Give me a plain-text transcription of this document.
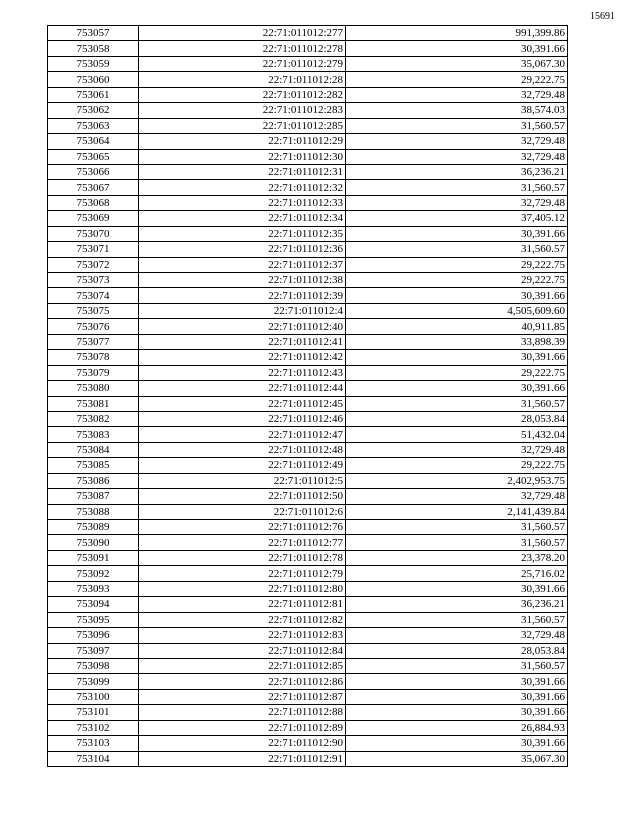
15691
753057	22:71:011012:277	991,399.86
753058	22:71:011012:278	30,391.66
753059	22:71:011012:279	35,067.30
753060	22:71:011012:28	29,222.75
753061	22:71:011012:282	32,729.48
753062	22:71:011012:283	38,574.03
753063	22:71:011012:285	31,560.57
753064	22:71:011012:29	32,729.48
753065	22:71:011012:30	32,729.48
753066	22:71:011012:31	36,236.21
753067	22:71:011012:32	31,560.57
753068	22:71:011012:33	32,729.48
753069	22:71:011012:34	37,405.12
753070	22:71:011012:35	30,391.66
753071	22:71:011012:36	31,560.57
753072	22:71:011012:37	29,222.75
753073	22:71:011012:38	29,222.75
753074	22:71:011012:39	30,391.66
753075	22:71:011012:4	4,505,609.60
753076	22:71:011012:40	40,911.85
753077	22:71:011012:41	33,898.39
753078	22:71:011012:42	30,391.66
753079	22:71:011012:43	29,222.75
753080	22:71:011012:44	30,391.66
753081	22:71:011012:45	31,560.57
753082	22:71:011012:46	28,053.84
753083	22:71:011012:47	51,432.04
753084	22:71:011012:48	32,729.48
753085	22:71:011012:49	29,222.75
753086	22:71:011012:5	2,402,953.75
753087	22:71:011012:50	32,729.48
753088	22:71:011012:6	2,141,439.84
753089	22:71:011012:76	31,560.57
753090	22:71:011012:77	31,560.57
753091	22:71:011012:78	23,378.20
753092	22:71:011012:79	25,716.02
753093	22:71:011012:80	30,391.66
753094	22:71:011012:81	36,236.21
753095	22:71:011012:82	31,560.57
753096	22:71:011012:83	32,729.48
753097	22:71:011012:84	28,053.84
753098	22:71:011012:85	31,560.57
753099	22:71:011012:86	30,391.66
753100	22:71:011012:87	30,391.66
753101	22:71:011012:88	30,391.66
753102	22:71:011012:89	26,884.93
753103	22:71:011012:90	30,391.66
753104	22:71:011012:91	35,067.30
